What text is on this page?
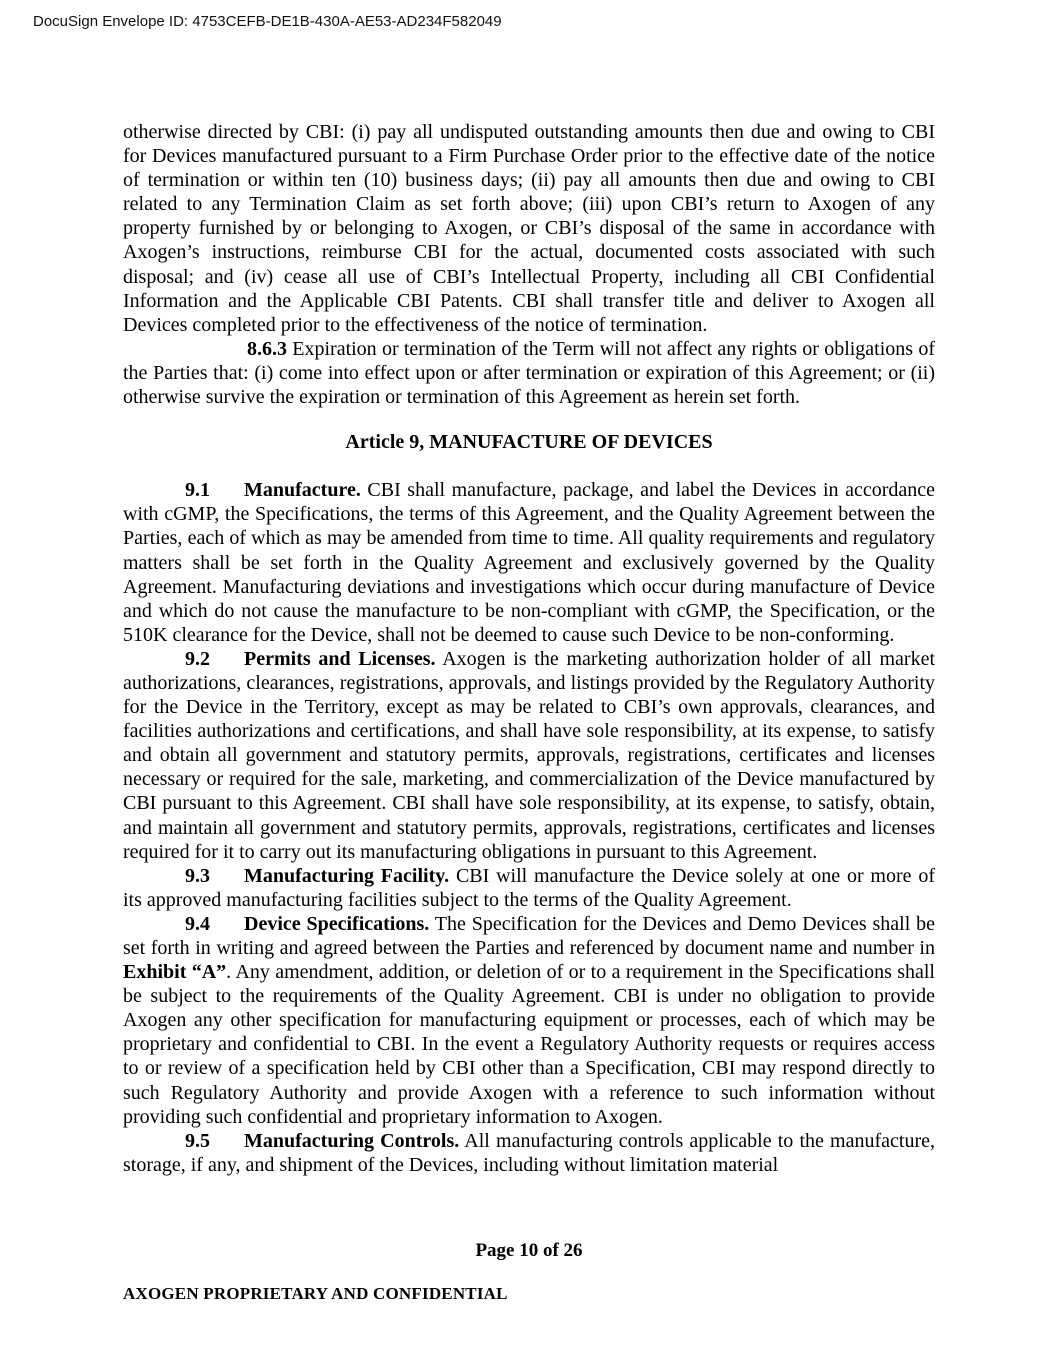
DocuSign Envelope ID: 4753CEFB-DE1B-430A-AE53-AD234F582049

otherwise directed by CBI: (i) pay all undisputed outstanding amounts then due and owing to CBI for Devices manufactured pursuant to a Firm Purchase Order prior to the effective date of the notice of termination or within ten (10) business days; (ii) pay all amounts then due and owing to CBI related to any Termination Claim as set forth above; (iii) upon CBI’s return to Axogen of any property furnished by or belonging to Axogen, or CBI’s disposal of the same in accordance with Axogen’s instructions, reimburse CBI for the actual, documented costs associated with such disposal; and (iv) cease all use of CBI’s Intellectual Property, including all CBI Confidential Information and the Applicable CBI Patents. CBI shall transfer title and deliver to Axogen all Devices completed prior to the effectiveness of the notice of termination.

8.6.3 Expiration or termination of the Term will not affect any rights or obligations of the Parties that: (i) come into effect upon or after termination or expiration of this Agreement; or (ii) otherwise survive the expiration or termination of this Agreement as herein set forth.

Article 9, MANUFACTURE OF DEVICES

9.1 Manufacture. CBI shall manufacture, package, and label the Devices in accordance with cGMP, the Specifications, the terms of this Agreement, and the Quality Agreement between the Parties, each of which as may be amended from time to time. All quality requirements and regulatory matters shall be set forth in the Quality Agreement and exclusively governed by the Quality Agreement. Manufacturing deviations and investigations which occur during manufacture of Device and which do not cause the manufacture to be non-compliant with cGMP, the Specification, or the 510K clearance for the Device, shall not be deemed to cause such Device to be non-conforming.

9.2 Permits and Licenses. Axogen is the marketing authorization holder of all market authorizations, clearances, registrations, approvals, and listings provided by the Regulatory Authority for the Device in the Territory, except as may be related to CBI’s own approvals, clearances, and facilities authorizations and certifications, and shall have sole responsibility, at its expense, to satisfy and obtain all government and statutory permits, approvals, registrations, certificates and licenses necessary or required for the sale, marketing, and commercialization of the Device manufactured by CBI pursuant to this Agreement. CBI shall have sole responsibility, at its expense, to satisfy, obtain, and maintain all government and statutory permits, approvals, registrations, certificates and licenses required for it to carry out its manufacturing obligations in pursuant to this Agreement.

9.3 Manufacturing Facility. CBI will manufacture the Device solely at one or more of its approved manufacturing facilities subject to the terms of the Quality Agreement.

9.4 Device Specifications. The Specification for the Devices and Demo Devices shall be set forth in writing and agreed between the Parties and referenced by document name and number in Exhibit “A”. Any amendment, addition, or deletion of or to a requirement in the Specifications shall be subject to the requirements of the Quality Agreement. CBI is under no obligation to provide Axogen any other specification for manufacturing equipment or processes, each of which may be proprietary and confidential to CBI. In the event a Regulatory Authority requests or requires access to or review of a specification held by CBI other than a Specification, CBI may respond directly to such Regulatory Authority and provide Axogen with a reference to such information without providing such confidential and proprietary information to Axogen.

9.5 Manufacturing Controls. All manufacturing controls applicable to the manufacture, storage, if any, and shipment of the Devices, including without limitation material

Page 10 of 26
AXOGEN PROPRIETARY AND CONFIDENTIAL
